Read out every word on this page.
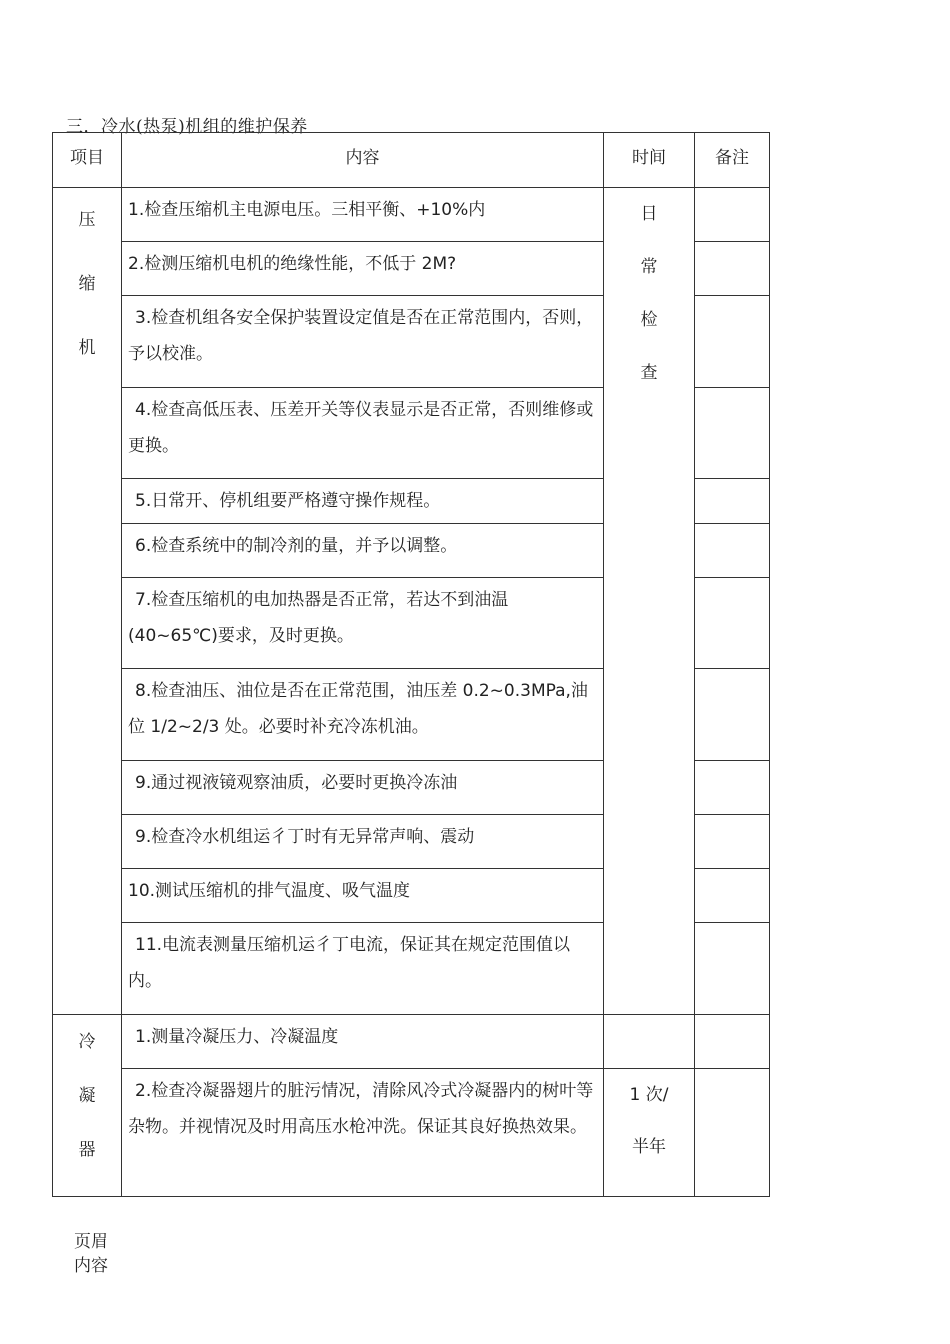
三．冷水(热泵)机组的维护保养
项目	内容	时间	备注

压
缩
机	1.检查压缩机主电源电压。三相平衡、+10%内	日
常
检
查	

	2.检测压缩机电机的绝缘性能，不低于 2M?		

	3.检查机组各安全保护装置设定值是否在正常范围内，否则，予以校准。		

	4.检查高低压表、压差开关等仪表显示是否正常，否则维修或更换。		

	5.日常开、停机组要严格遵守操作规程。		

	6.检查系统中的制冷剂的量，并予以调整。		

	7.检查压缩机的电加热器是否正常，若达不到油温(40~65℃)要求，及时更换。		

	8.检查油压、油位是否在正常范围，油压差 0.2~0.3MPa,油位 1/2~2/3 处。必要时补充冷冻机油。		

	9.通过视液镜观察油质，必要时更换冷冻油		

	9.检查冷水机组运彳丁时有无异常声响、震动		

	10.测试压缩机的排气温度、吸气温度		

	11.电流表测量压缩机运彳丁电流，保证其在规定范围值以内。		

冷
凝
器	1.测量冷凝压力、冷凝温度		

	2.检查冷凝器翅片的脏污情况，清除风冷式冷凝器内的树叶等杂物。并视情况及时用高压水枪冲洗。保证其良好换热效果。	1 次/
半年	

页眉
内容
